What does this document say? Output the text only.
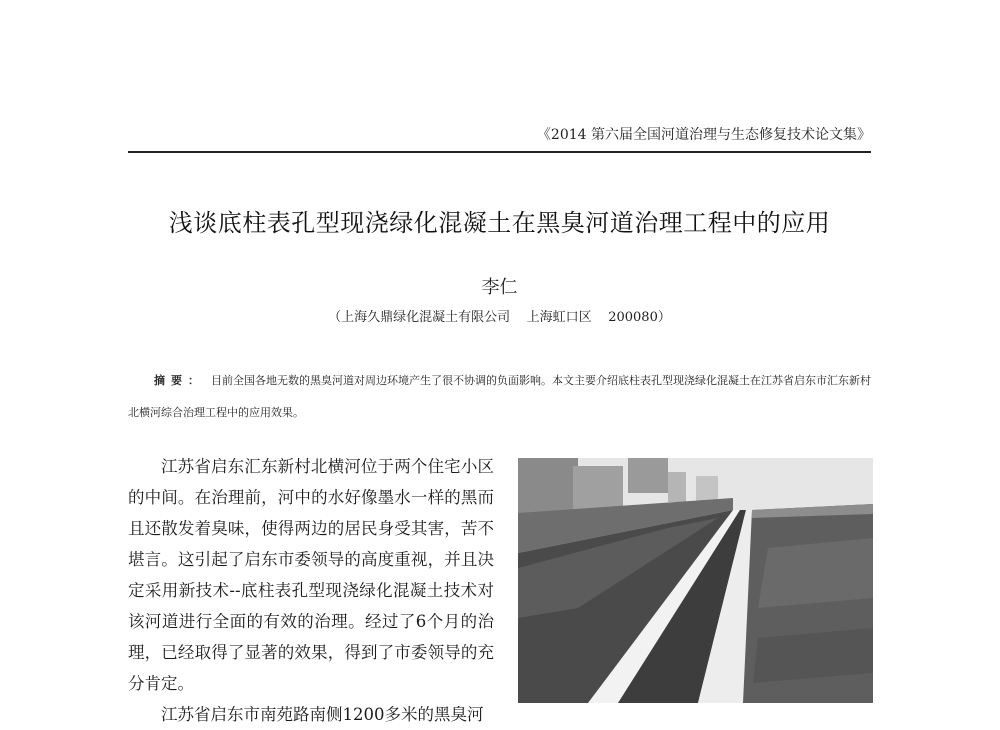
《2014 第六届全国河道治理与生态修复技术论文集》
浅谈底柱表孔型现浇绿化混凝土在黑臭河道治理工程中的应用
李仁
（上海久鼎绿化混凝土有限公司    上海虹口区    200080）
摘要： 目前全国各地无数的黑臭河道对周边环境产生了很不协调的负面影响。本文主要介绍底柱表孔型现浇绿化混凝土在江苏省启东市汇东新村北横河综合治理工程中的应用效果。

江苏省启东汇东新村北横河位于两个住宅小区的中间。在治理前，河中的水好像墨水一样的黑而且还散发着臭味，使得两边的居民身受其害，苦不堪言。这引起了启东市委领导的高度重视，并且决定采用新技术--底柱表孔型现浇绿化混凝土技术对该河道进行全面的有效的治理。经过了6个月的治理，已经取得了显著的效果，得到了市委领导的充分肯定。

江苏省启东市南苑路南侧1200多米的黑臭河
